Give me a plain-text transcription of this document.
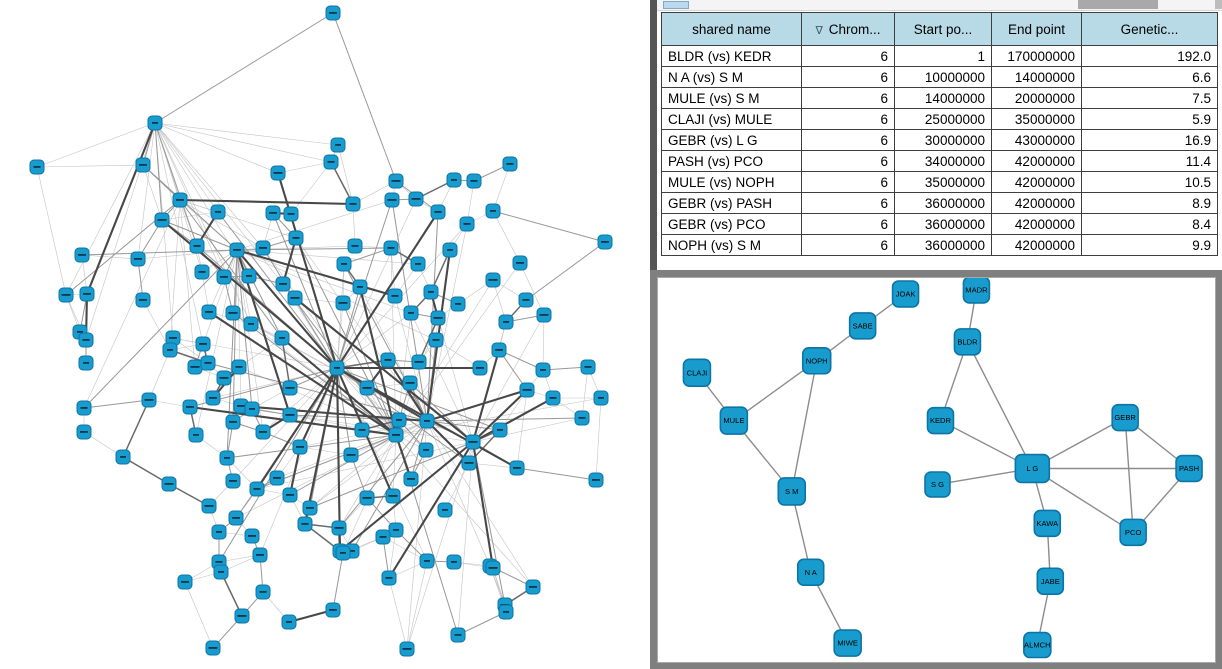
shared name	∇ Chrom...	Start po...	End point	Genetic...
BLDR (vs) KEDR	6	1	170000000	192.0
N A (vs) S M	6	10000000	14000000	6.6
MULE (vs) S M	6	14000000	20000000	7.5
CLAJI (vs) MULE	6	25000000	35000000	5.9
GEBR (vs) L G	6	30000000	43000000	16.9
PASH (vs) PCO	6	34000000	42000000	11.4
MULE (vs) NOPH	6	35000000	42000000	10.5
GEBR (vs) PASH	6	36000000	42000000	8.9
GEBR (vs) PCO	6	36000000	42000000	8.4
NOPH (vs) S M	6	36000000	42000000	9.9
JOAK
SABE
NOPH
CLAJI
MULE
S M
N A
MIWE
MADR
BLDR
KEDR
S G
L G
GEBR
PASH
KAWA
PCO
JABE
ALMCH
